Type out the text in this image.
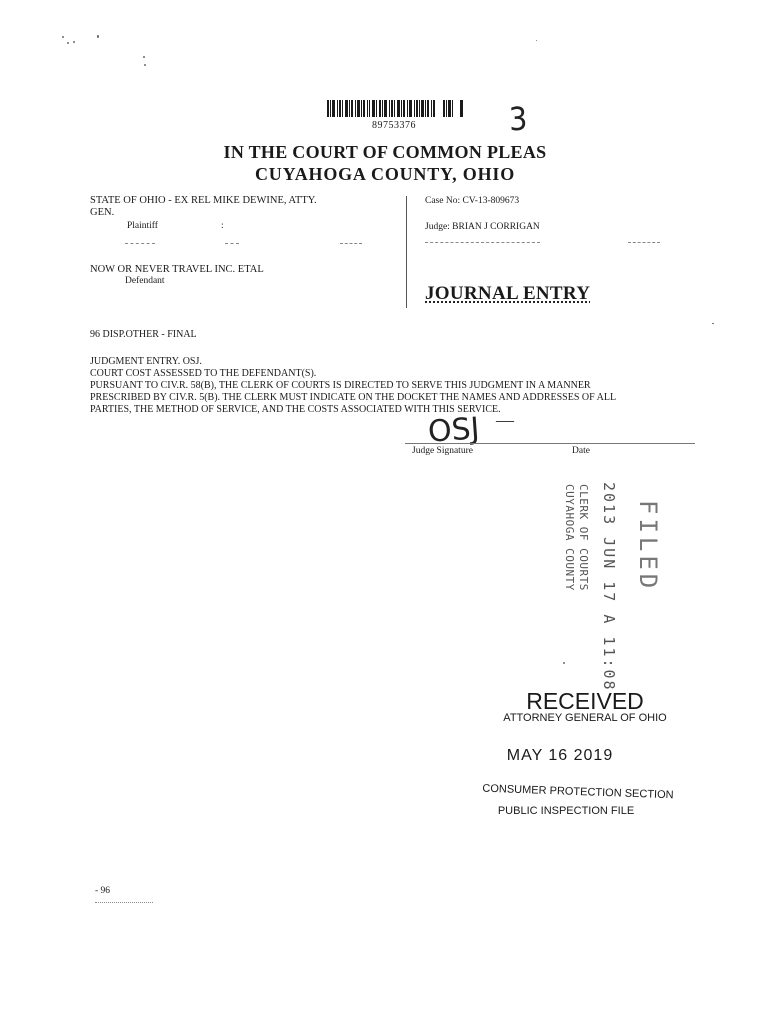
89753376	3
IN THE COURT OF COMMON PLEAS
CUYAHOGA COUNTY, OHIO
STATE OF OHIO - EX REL MIKE DEWINE, ATTY.
GEN.
Plaintiff	:
NOW OR NEVER TRAVEL INC. ETAL
Defendant
Case No: CV-13-809673
Judge: BRIAN J CORRIGAN
JOURNAL ENTRY
96 DISP.OTHER - FINAL
JUDGMENT ENTRY. OSJ.
COURT COST ASSESSED TO THE DEFENDANT(S).
PURSUANT TO CIV.R. 58(B), THE CLERK OF COURTS IS DIRECTED TO SERVE THIS JUDGMENT IN A MANNER
PRESCRIBED BY CIV.R. 5(B). THE CLERK MUST INDICATE ON THE DOCKET THE NAMES AND ADDRESSES OF ALL
PARTIES, THE METHOD OF SERVICE, AND THE COSTS ASSOCIATED WITH THIS SERVICE.
OSJ —
Judge Signature	Date
FILED
2013 JUN 17 A 11:08
CLERK OF COURTS
CUYAHOGA COUNTY
RECEIVED
ATTORNEY GENERAL OF OHIO
MAY 16 2019
CONSUMER PROTECTION SECTION
PUBLIC INSPECTION FILE
- 96
